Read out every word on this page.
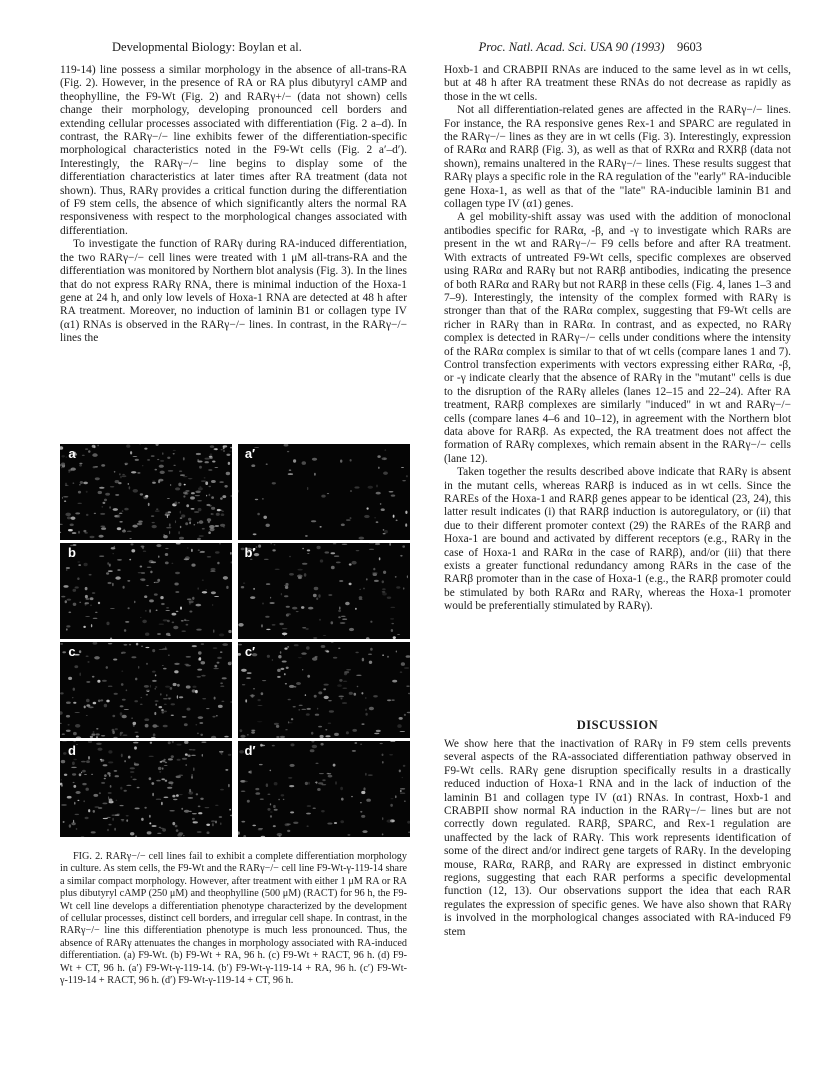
Developmental Biology: Boylan et al.	Proc. Natl. Acad. Sci. USA 90 (1993) 9603

119-14) line possess a similar morphology in the absence of all-trans-RA (Fig. 2). However, in the presence of RA or RA plus dibutyryl cAMP and theophylline, the F9-Wt (Fig. 2) and RARγ+/− (data not shown) cells change their morphology, developing pronounced cell borders and extending cellular processes associated with differentiation (Fig. 2 a–d). In contrast, the RARγ−/− line exhibits fewer of the differentiation-specific morphological characteristics noted in the F9-Wt cells (Fig. 2 a′–d′). Interestingly, the RARγ−/− line begins to display some of the differentiation characteristics at later times after RA treatment (data not shown). Thus, RARγ provides a critical function during the differentiation of F9 stem cells, the absence of which significantly alters the normal RA responsiveness with respect to the morphological changes associated with differentiation.

To investigate the function of RARγ during RA-induced differentiation, the two RARγ−/− cell lines were treated with 1 μM all-trans-RA and the differentiation was monitored by Northern blot analysis (Fig. 3). In the lines that do not express RARγ RNA, there is minimal induction of the Hoxa-1 gene at 24 h, and only low levels of Hoxa-1 RNA are detected at 48 h after RA treatment. Moreover, no induction of laminin B1 or collagen type IV (α1) RNAs is observed in the RARγ−/− lines. In contrast, in the RARγ−/− lines the

a	a′
b	b′
c	c′
d	d′

FIG. 2. RARγ−/− cell lines fail to exhibit a complete differentiation morphology in culture. As stem cells, the F9-Wt and the RARγ−/− cell line F9-Wt-γ-119-14 share a similar compact morphology. However, after treatment with either 1 μM RA or RA plus dibutyryl cAMP (250 μM) and theophylline (500 μM) (RACT) for 96 h, the F9-Wt cell line develops a differentiation phenotype characterized by the development of cellular processes, distinct cell borders, and irregular cell shape. In contrast, in the RARγ−/− line this differentiation phenotype is much less pronounced. Thus, the absence of RARγ attenuates the changes in morphology associated with RA-induced differentiation. (a) F9-Wt. (b) F9-Wt + RA, 96 h. (c) F9-Wt + RACT, 96 h. (d) F9-Wt + CT, 96 h. (a′) F9-Wt-γ-119-14. (b′) F9-Wt-γ-119-14 + RA, 96 h. (c′) F9-Wt-γ-119-14 + RACT, 96 h. (d′) F9-Wt-γ-119-14 + CT, 96 h.

Hoxb-1 and CRABPII RNAs are induced to the same level as in wt cells, but at 48 h after RA treatment these RNAs do not decrease as rapidly as those in the wt cells.

Not all differentiation-related genes are affected in the RARγ−/− lines. For instance, the RA responsive genes Rex-1 and SPARC are regulated in the RARγ−/− lines as they are in wt cells (Fig. 3). Interestingly, expression of RARα and RARβ (Fig. 3), as well as that of RXRα and RXRβ (data not shown), remains unaltered in the RARγ−/− lines. These results suggest that RARγ plays a specific role in the RA regulation of the "early" RA-inducible gene Hoxa-1, as well as that of the "late" RA-inducible laminin B1 and collagen type IV (α1) genes.

A gel mobility-shift assay was used with the addition of monoclonal antibodies specific for RARα, -β, and -γ to investigate which RARs are present in the wt and RARγ−/− F9 cells before and after RA treatment. With extracts of untreated F9-Wt cells, specific complexes are observed using RARα and RARγ but not RARβ antibodies, indicating the presence of both RARα and RARγ but not RARβ in these cells (Fig. 4, lanes 1–3 and 7–9). Interestingly, the intensity of the complex formed with RARγ is stronger than that of the RARα complex, suggesting that F9-Wt cells are richer in RARγ than in RARα. In contrast, and as expected, no RARγ complex is detected in RARγ−/− cells under conditions where the intensity of the RARα complex is similar to that of wt cells (compare lanes 1 and 7). Control transfection experiments with vectors expressing either RARα, -β, or -γ indicate clearly that the absence of RARγ in the "mutant" cells is due to the disruption of the RARγ alleles (lanes 12–15 and 22–24). After RA treatment, RARβ complexes are similarly "induced" in wt and RARγ−/− cells (compare lanes 4–6 and 10–12), in agreement with the Northern blot data above for RARβ. As expected, the RA treatment does not affect the formation of RARγ complexes, which remain absent in the RARγ−/− cells (lane 12).

Taken together the results described above indicate that RARγ is absent in the mutant cells, whereas RARβ is induced as in wt cells. Since the RAREs of the Hoxa-1 and RARβ genes appear to be identical (23, 24), this latter result indicates (i) that RARβ induction is autoregulatory, or (ii) that due to their different promoter context (29) the RAREs of the RARβ and Hoxa-1 are bound and activated by different receptors (e.g., RARγ in the case of Hoxa-1 and RARα in the case of RARβ), and/or (iii) that there exists a greater functional redundancy among RARs in the case of the RARβ promoter than in the case of Hoxa-1 (e.g., the RARβ promoter could be stimulated by both RARα and RARγ, whereas the Hoxa-1 promoter would be preferentially stimulated by RARγ).

DISCUSSION

We show here that the inactivation of RARγ in F9 stem cells prevents several aspects of the RA-associated differentiation pathway observed in F9-Wt cells. RARγ gene disruption specifically results in a drastically reduced induction of Hoxa-1 RNA and in the lack of induction of the laminin B1 and collagen type IV (α1) RNAs. In contrast, Hoxb-1 and CRABPII show normal RA induction in the RARγ−/− lines but are not correctly down regulated. RARβ, SPARC, and Rex-1 regulation are unaffected by the lack of RARγ. This work represents identification of some of the direct and/or indirect gene targets of RARγ. In the developing mouse, RARα, RARβ, and RARγ are expressed in distinct embryonic regions, suggesting that each RAR performs a specific developmental function (12, 13). Our observations support the idea that each RAR regulates the expression of specific genes. We have also shown that RARγ is involved in the morphological changes associated with RA-induced F9 stem
